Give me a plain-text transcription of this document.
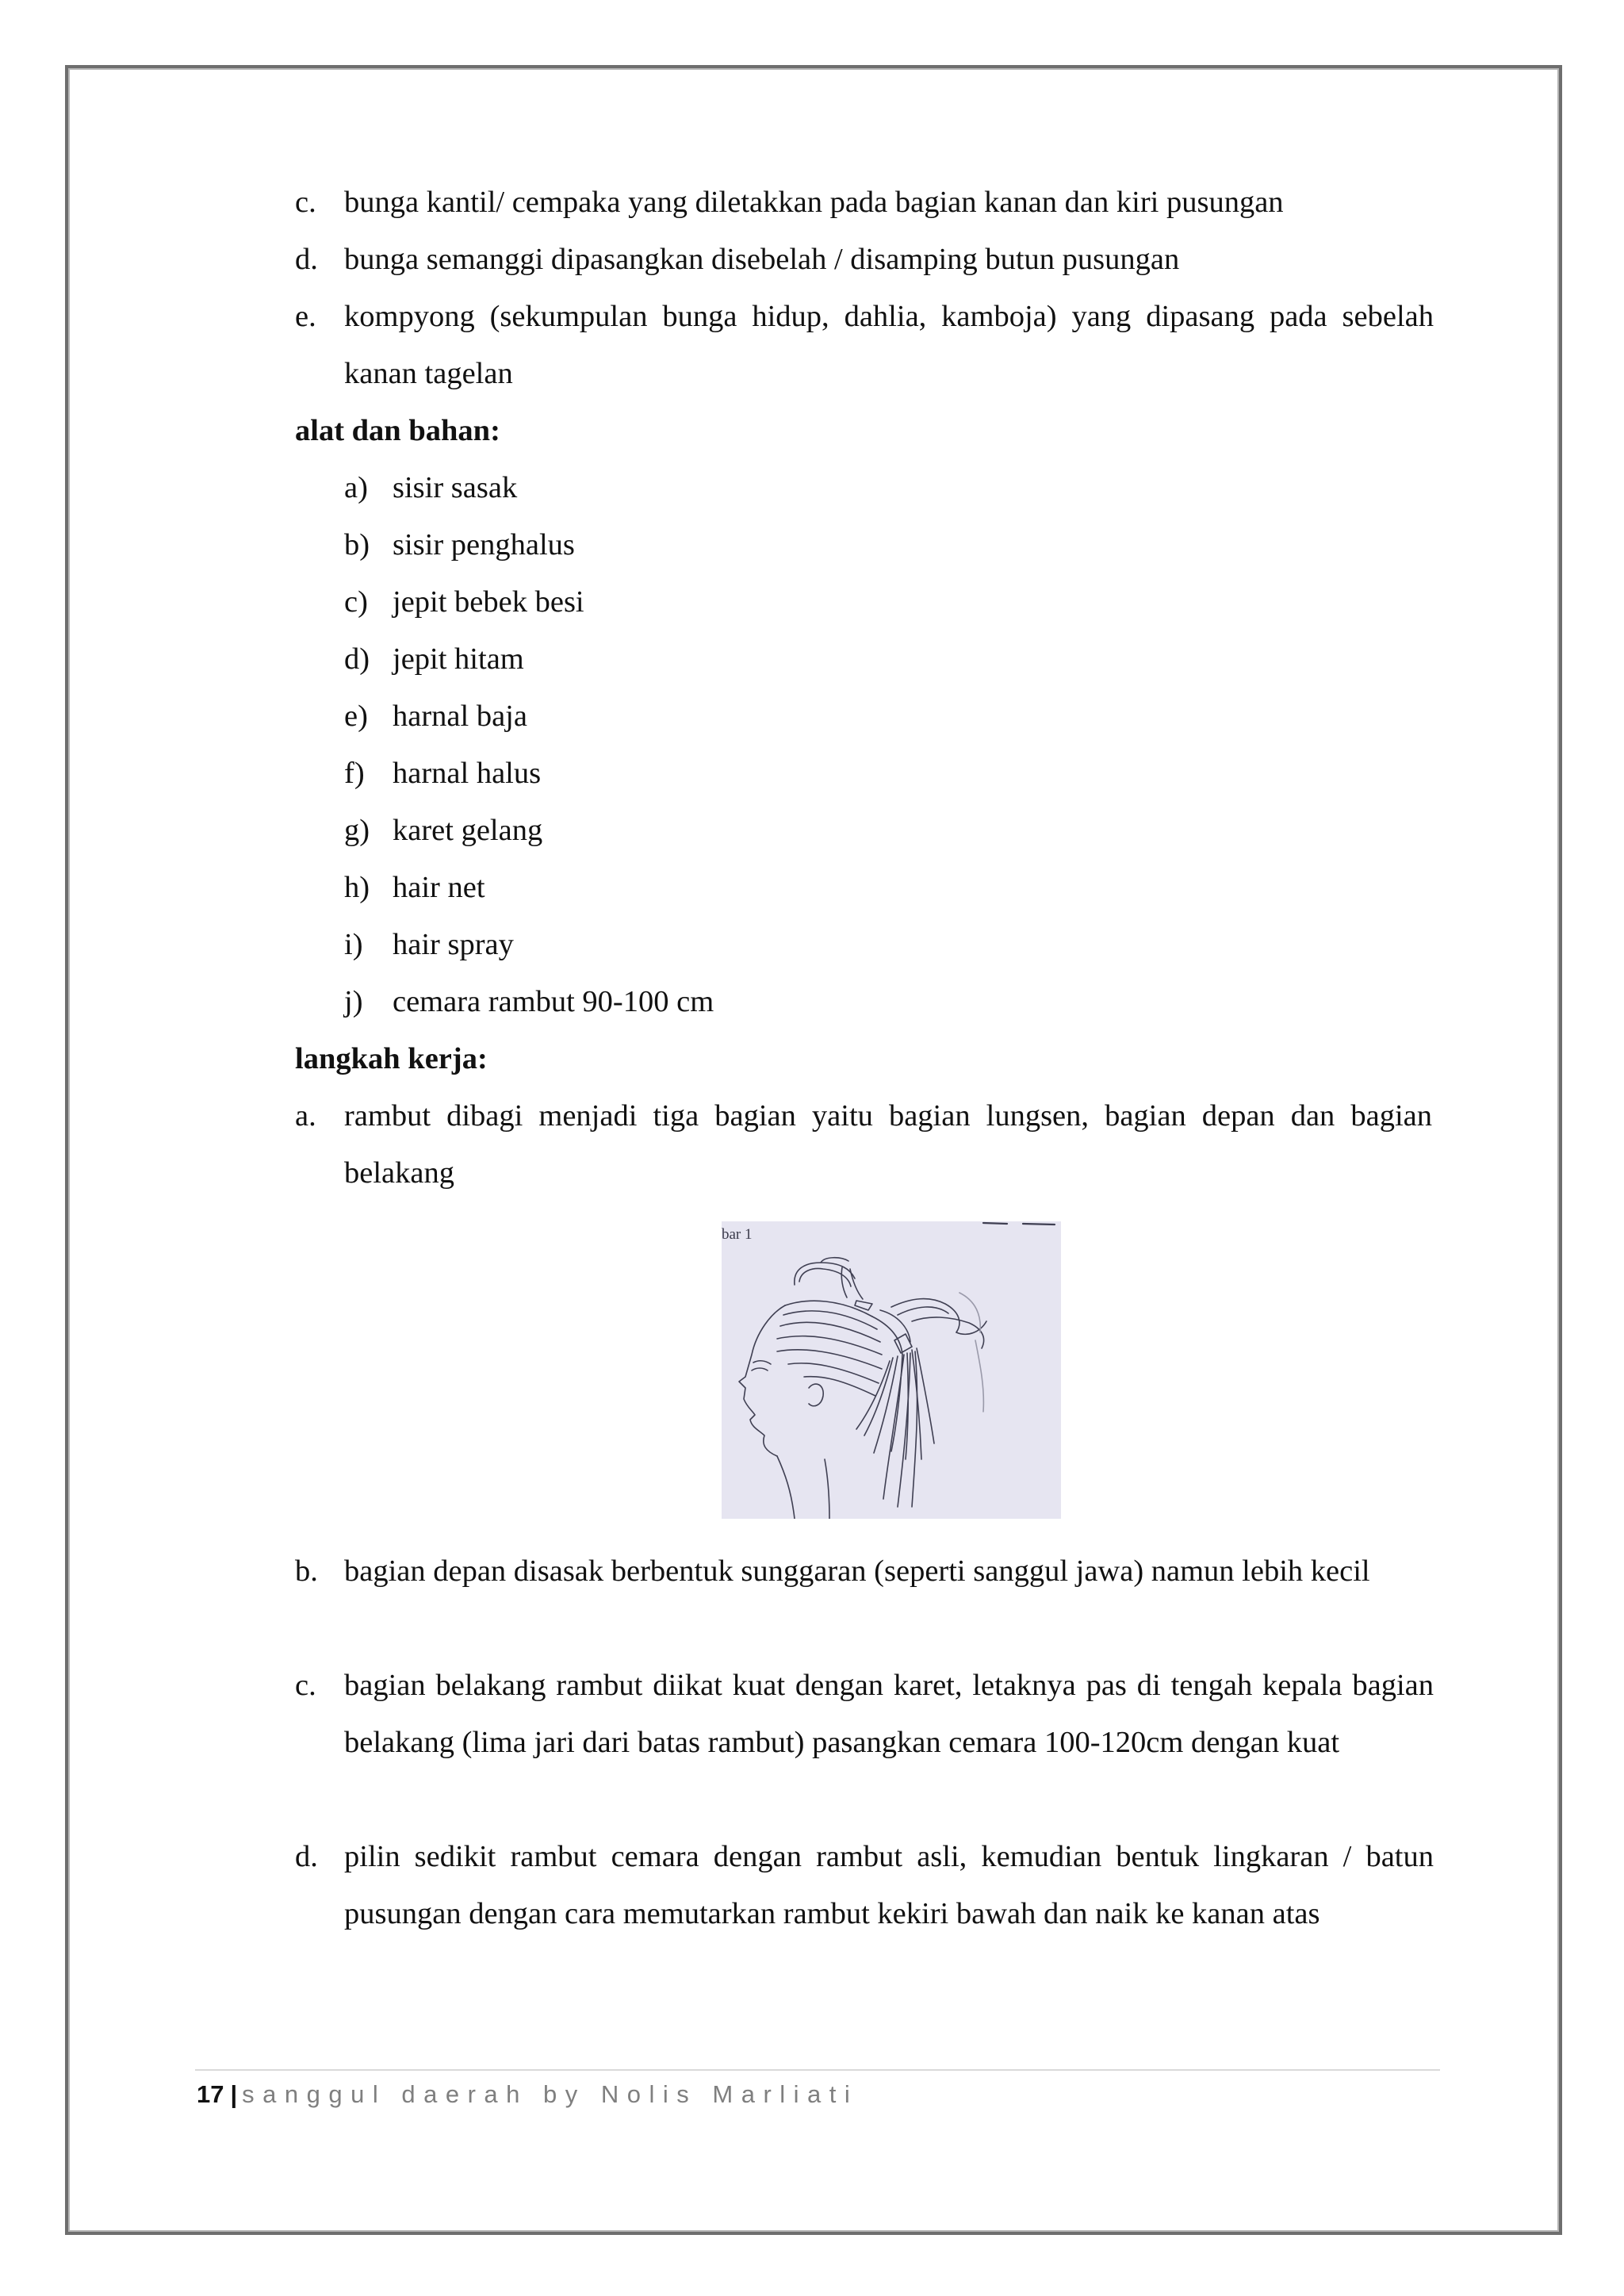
c. bunga kantil/ cempaka yang diletakkan pada bagian kanan dan kiri pusungan
d. bunga semanggi dipasangkan disebelah / disamping butun pusungan
e. kompyong (sekumpulan bunga hidup, dahlia, kamboja) yang dipasang pada sebelah kanan tagelan
alat dan bahan:
a) sisir sasak
b) sisir penghalus
c) jepit bebek besi
d) jepit hitam
e) harnal baja
f) harnal halus
g) karet gelang
h) hair net
i) hair spray
j) cemara rambut 90-100 cm
langkah kerja:
a. rambut dibagi menjadi tiga bagian yaitu bagian lungsen, bagian depan dan bagian belakang
b. bagian depan disasak berbentuk sunggaran (seperti sanggul jawa) namun lebih kecil
c. bagian belakang rambut diikat kuat dengan karet, letaknya pas di tengah kepala bagian belakang (lima jari dari batas rambut) pasangkan cemara 100-120cm dengan kuat
d. pilin sedikit rambut cemara dengan rambut asli, kemudian bentuk lingkaran / batun pusungan dengan cara memutarkan rambut kekiri bawah dan naik ke kanan atas
bar 1
17 | sanggul daerah by Nolis Marliati
